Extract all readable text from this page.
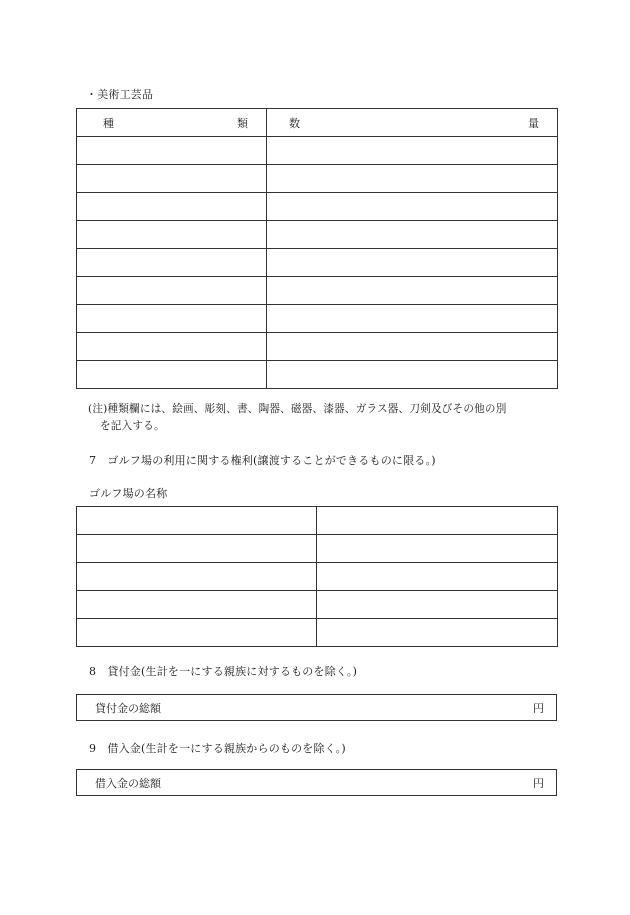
・美術工芸品
種 類	数 量

(注)種類欄には、絵画、彫刻、書、陶器、磁器、漆器、ガラス器、刀剣及びその他の別
を記入する。
7　ゴルフ場の利用に関する権利(譲渡することができるものに限る。)
ゴルフ場の名称

8　貸付金(生計を一にする親族に対するものを除く。)
貸付金の総額	円
9　借入金(生計を一にする親族からのものを除く。)
借入金の総額	円
